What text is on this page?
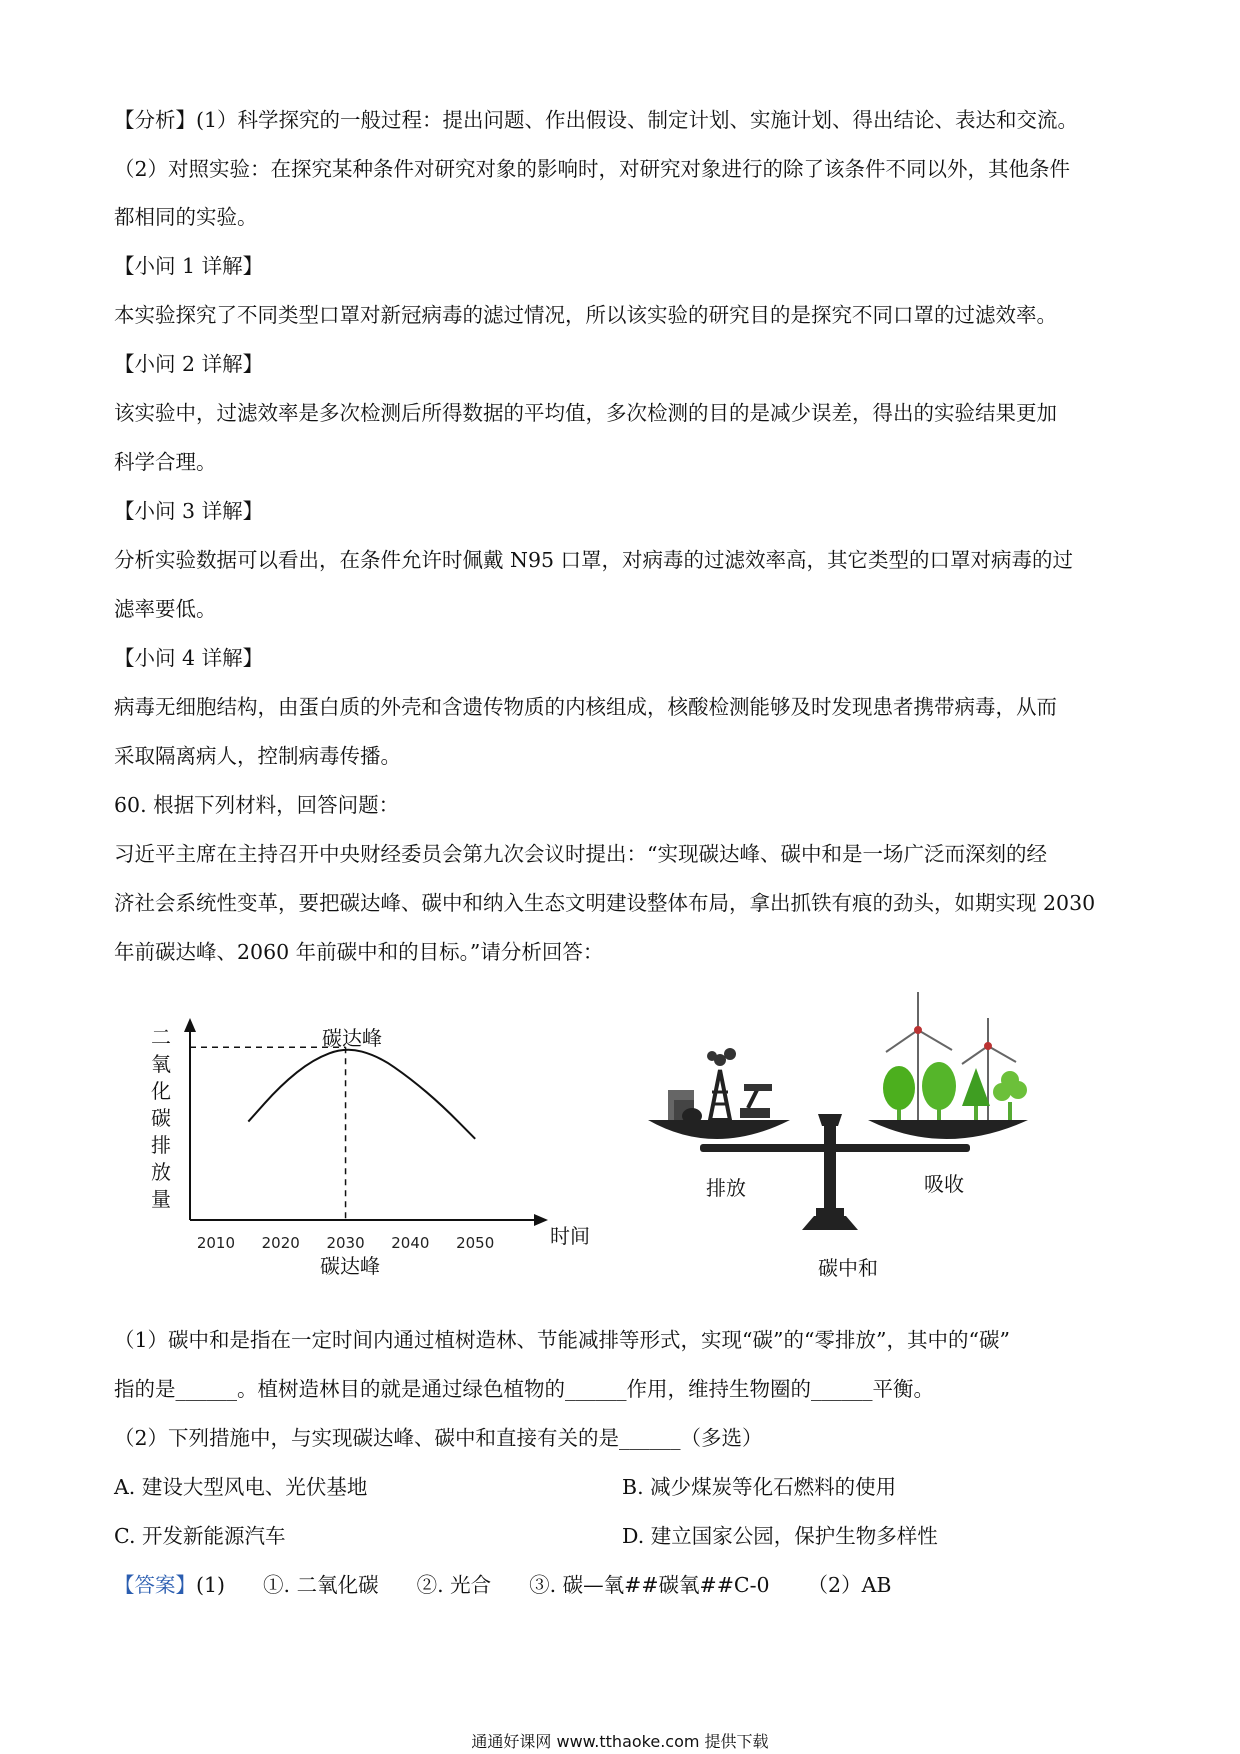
【分析】(1）科学探究的一般过程：提出问题、作出假设、制定计划、实施计划、得出结论、表达和交流。

（2）对照实验：在探究某种条件对研究对象的影响时，对研究对象进行的除了该条件不同以外，其他条件

都相同的实验。

【小问 1 详解】

本实验探究了不同类型口罩对新冠病毒的滤过情况，所以该实验的研究目的是探究不同口罩的过滤效率。

【小问 2 详解】

该实验中，过滤效率是多次检测后所得数据的平均值，多次检测的目的是减少误差，得出的实验结果更加

科学合理。

【小问 3 详解】

分析实验数据可以看出，在条件允许时佩戴 N95 口罩，对病毒的过滤效率高，其它类型的口罩对病毒的过

滤率要低。

【小问 4 详解】

病毒无细胞结构，由蛋白质的外壳和含遗传物质的内核组成，核酸检测能够及时发现患者携带病毒，从而

采取隔离病人，控制病毒传播。

60. 根据下列材料，回答问题：

习近平主席在主持召开中央财经委员会第九次会议时提出：“实现碳达峰、碳中和是一场广泛而深刻的经

济社会系统性变革，要把碳达峰、碳中和纳入生态文明建设整体布局，拿出抓铁有痕的劲头，如期实现 2030

年前碳达峰、2060 年前碳中和的目标。”请分析回答：

二
氧
化
碳
排
放
量
2010 2020 2030 2040 2050
碳达峰
时间
碳达峰
排放	吸收
碳中和

（1）碳中和是指在一定时间内通过植树造林、节能减排等形式，实现“碳”的“零排放”，其中的“碳”

指的是______。植树造林目的就是通过绿色植物的______作用，维持生物圈的______平衡。

（2）下列措施中，与实现碳达峰、碳中和直接有关的是______（多选）

A. 建设大型风电、光伏基地	B. 减少煤炭等化石燃料的使用
C. 开发新能源汽车	D. 建立国家公园，保护生物多样性

【答案】(1) ①. 二氧化碳 ②. 光合 ③. 碳—氧##碳氧##C-0 （2）AB

通通好课网 www.tthaoke.com 提供下载
